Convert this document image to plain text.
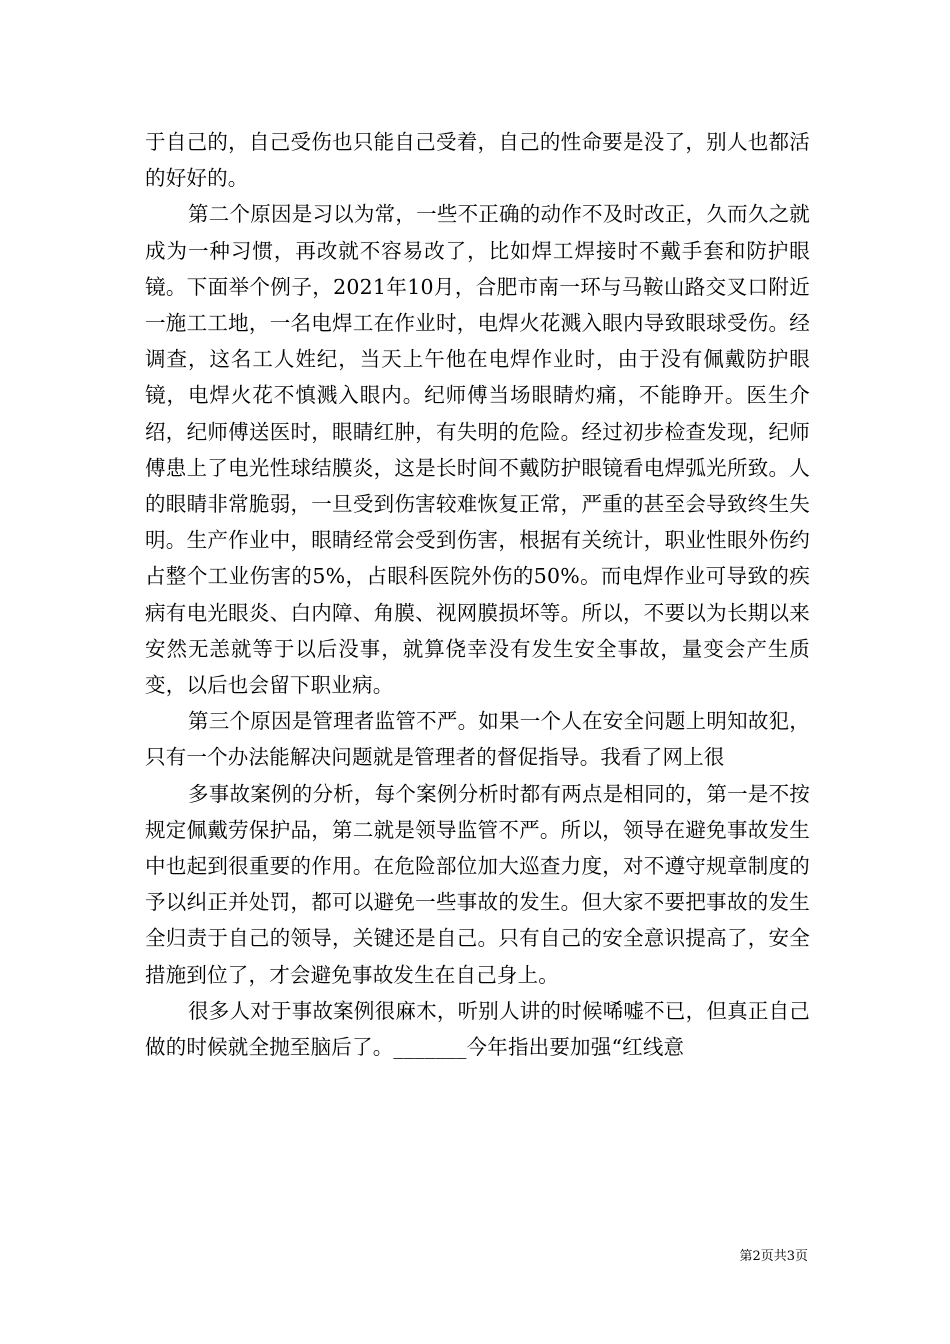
于自己的，自己受伤也只能自己受着，自己的性命要是没了，别人也都活的好好的。

第二个原因是习以为常，一些不正确的动作不及时改正，久而久之就成为一种习惯，再改就不容易改了，比如焊工焊接时不戴手套和防护眼镜。下面举个例子，2021年10月，合肥市南一环与马鞍山路交叉口附近一施工工地，一名电焊工在作业时，电焊火花溅入眼内导致眼球受伤。经调查，这名工人姓纪，当天上午他在电焊作业时，由于没有佩戴防护眼镜，电焊火花不慎溅入眼内。纪师傅当场眼睛灼痛，不能睁开。医生介绍，纪师傅送医时，眼睛红肿，有失明的危险。经过初步检查发现，纪师傅患上了电光性球结膜炎，这是长时间不戴防护眼镜看电焊弧光所致。人的眼睛非常脆弱，一旦受到伤害较难恢复正常，严重的甚至会导致终生失明。生产作业中，眼睛经常会受到伤害，根据有关统计，职业性眼外伤约占整个工业伤害的5%，占眼科医院外伤的50%。而电焊作业可导致的疾病有电光眼炎、白内障、角膜、视网膜损坏等。所以，不要以为长期以来安然无恙就等于以后没事，就算侥幸没有发生安全事故，量变会产生质变，以后也会留下职业病。

第三个原因是管理者监管不严。如果一个人在安全问题上明知故犯，只有一个办法能解决问题就是管理者的督促指导。我看了网上很

多事故案例的分析，每个案例分析时都有两点是相同的，第一是不按规定佩戴劳保护品，第二就是领导监管不严。所以，领导在避免事故发生中也起到很重要的作用。在危险部位加大巡查力度，对不遵守规章制度的予以纠正并处罚，都可以避免一些事故的发生。但大家不要把事故的发生全归责于自己的领导，关键还是自己。只有自己的安全意识提高了，安全措施到位了，才会避免事故发生在自己身上。

很多人对于事故案例很麻木，听别人讲的时候唏嘘不已，但真正自己做的时候就全抛至脑后了。_______今年指出要加强“红线意

第2页共3页
